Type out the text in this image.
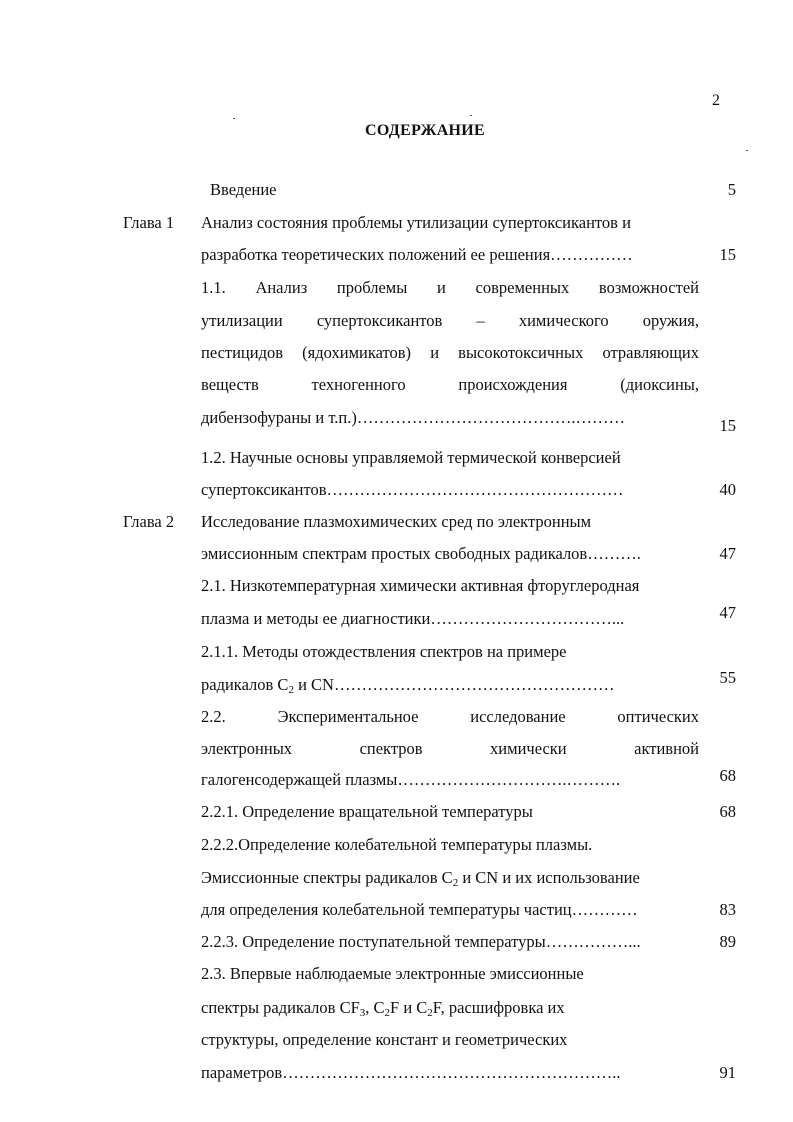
2
СОДЕРЖАНИЕ
Введение	5
Глава 1 Анализ состояния проблемы утилизации супертоксикантов и
разработка теоретических положений ее решения……………	15
1.1. Анализ проблемы и современных возможностей
утилизации супертоксикантов – химического оружия,
пестицидов (ядохимикатов) и высокотоксичных отравляющих
веществ техногенного происхождения (диоксины,
дибензофураны и т.п.)………………………………….………	15
1.2. Научные основы управляемой термической конверсией
супертоксикантов………………………………………………	40
Глава 2 Исследование плазмохимических сред по электронным
эмиссионным спектрам простых свободных радикалов……….	47
2.1. Низкотемпературная химически активная фторуглеродная
плазма и методы ее диагностики……………………………...	47
2.1.1. Методы отождествления спектров на примере
радикалов $C_2$ и CN……………………………………………	55
2.2. Экспериментальное исследование оптических
электронных спектров химически активной
галогенсодержащей плазмы………………………….……….	68
2.2.1. Определение вращательной температуры	68
2.2.2.Определение колебательной температуры плазмы.
Эмиссионные спектры радикалов $C_2$ и CN и их использование
для определения колебательной температуры частиц…………	83
2.2.3. Определение поступательной температуры……………...	89
2.3. Впервые наблюдаемые электронные эмиссионные
спектры радикалов $CF_3$, $C_2F$ и $C_2F$, расшифровка их
структуры, определение констант и геометрических
параметров……………………………………………………..	91
